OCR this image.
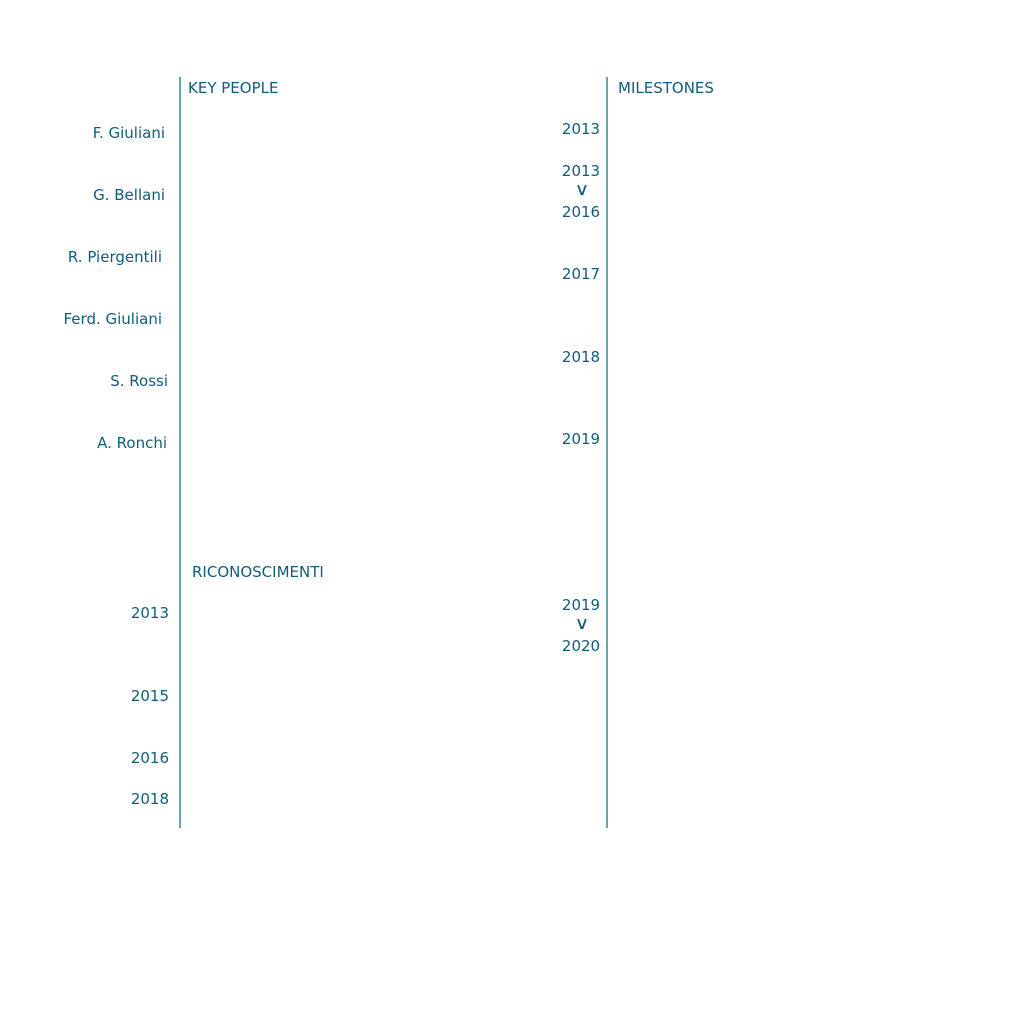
KEY PEOPLE
F. Giuliani
G. Bellani
R. Piergentili
Ferd. Giuliani
S. Rossi
A. Ronchi
RICONOSCIMENTI
2013
2015
2016
2018
MILESTONES
2013
2013
∨
2016
2017
2018
2019
2019
∨
2020
